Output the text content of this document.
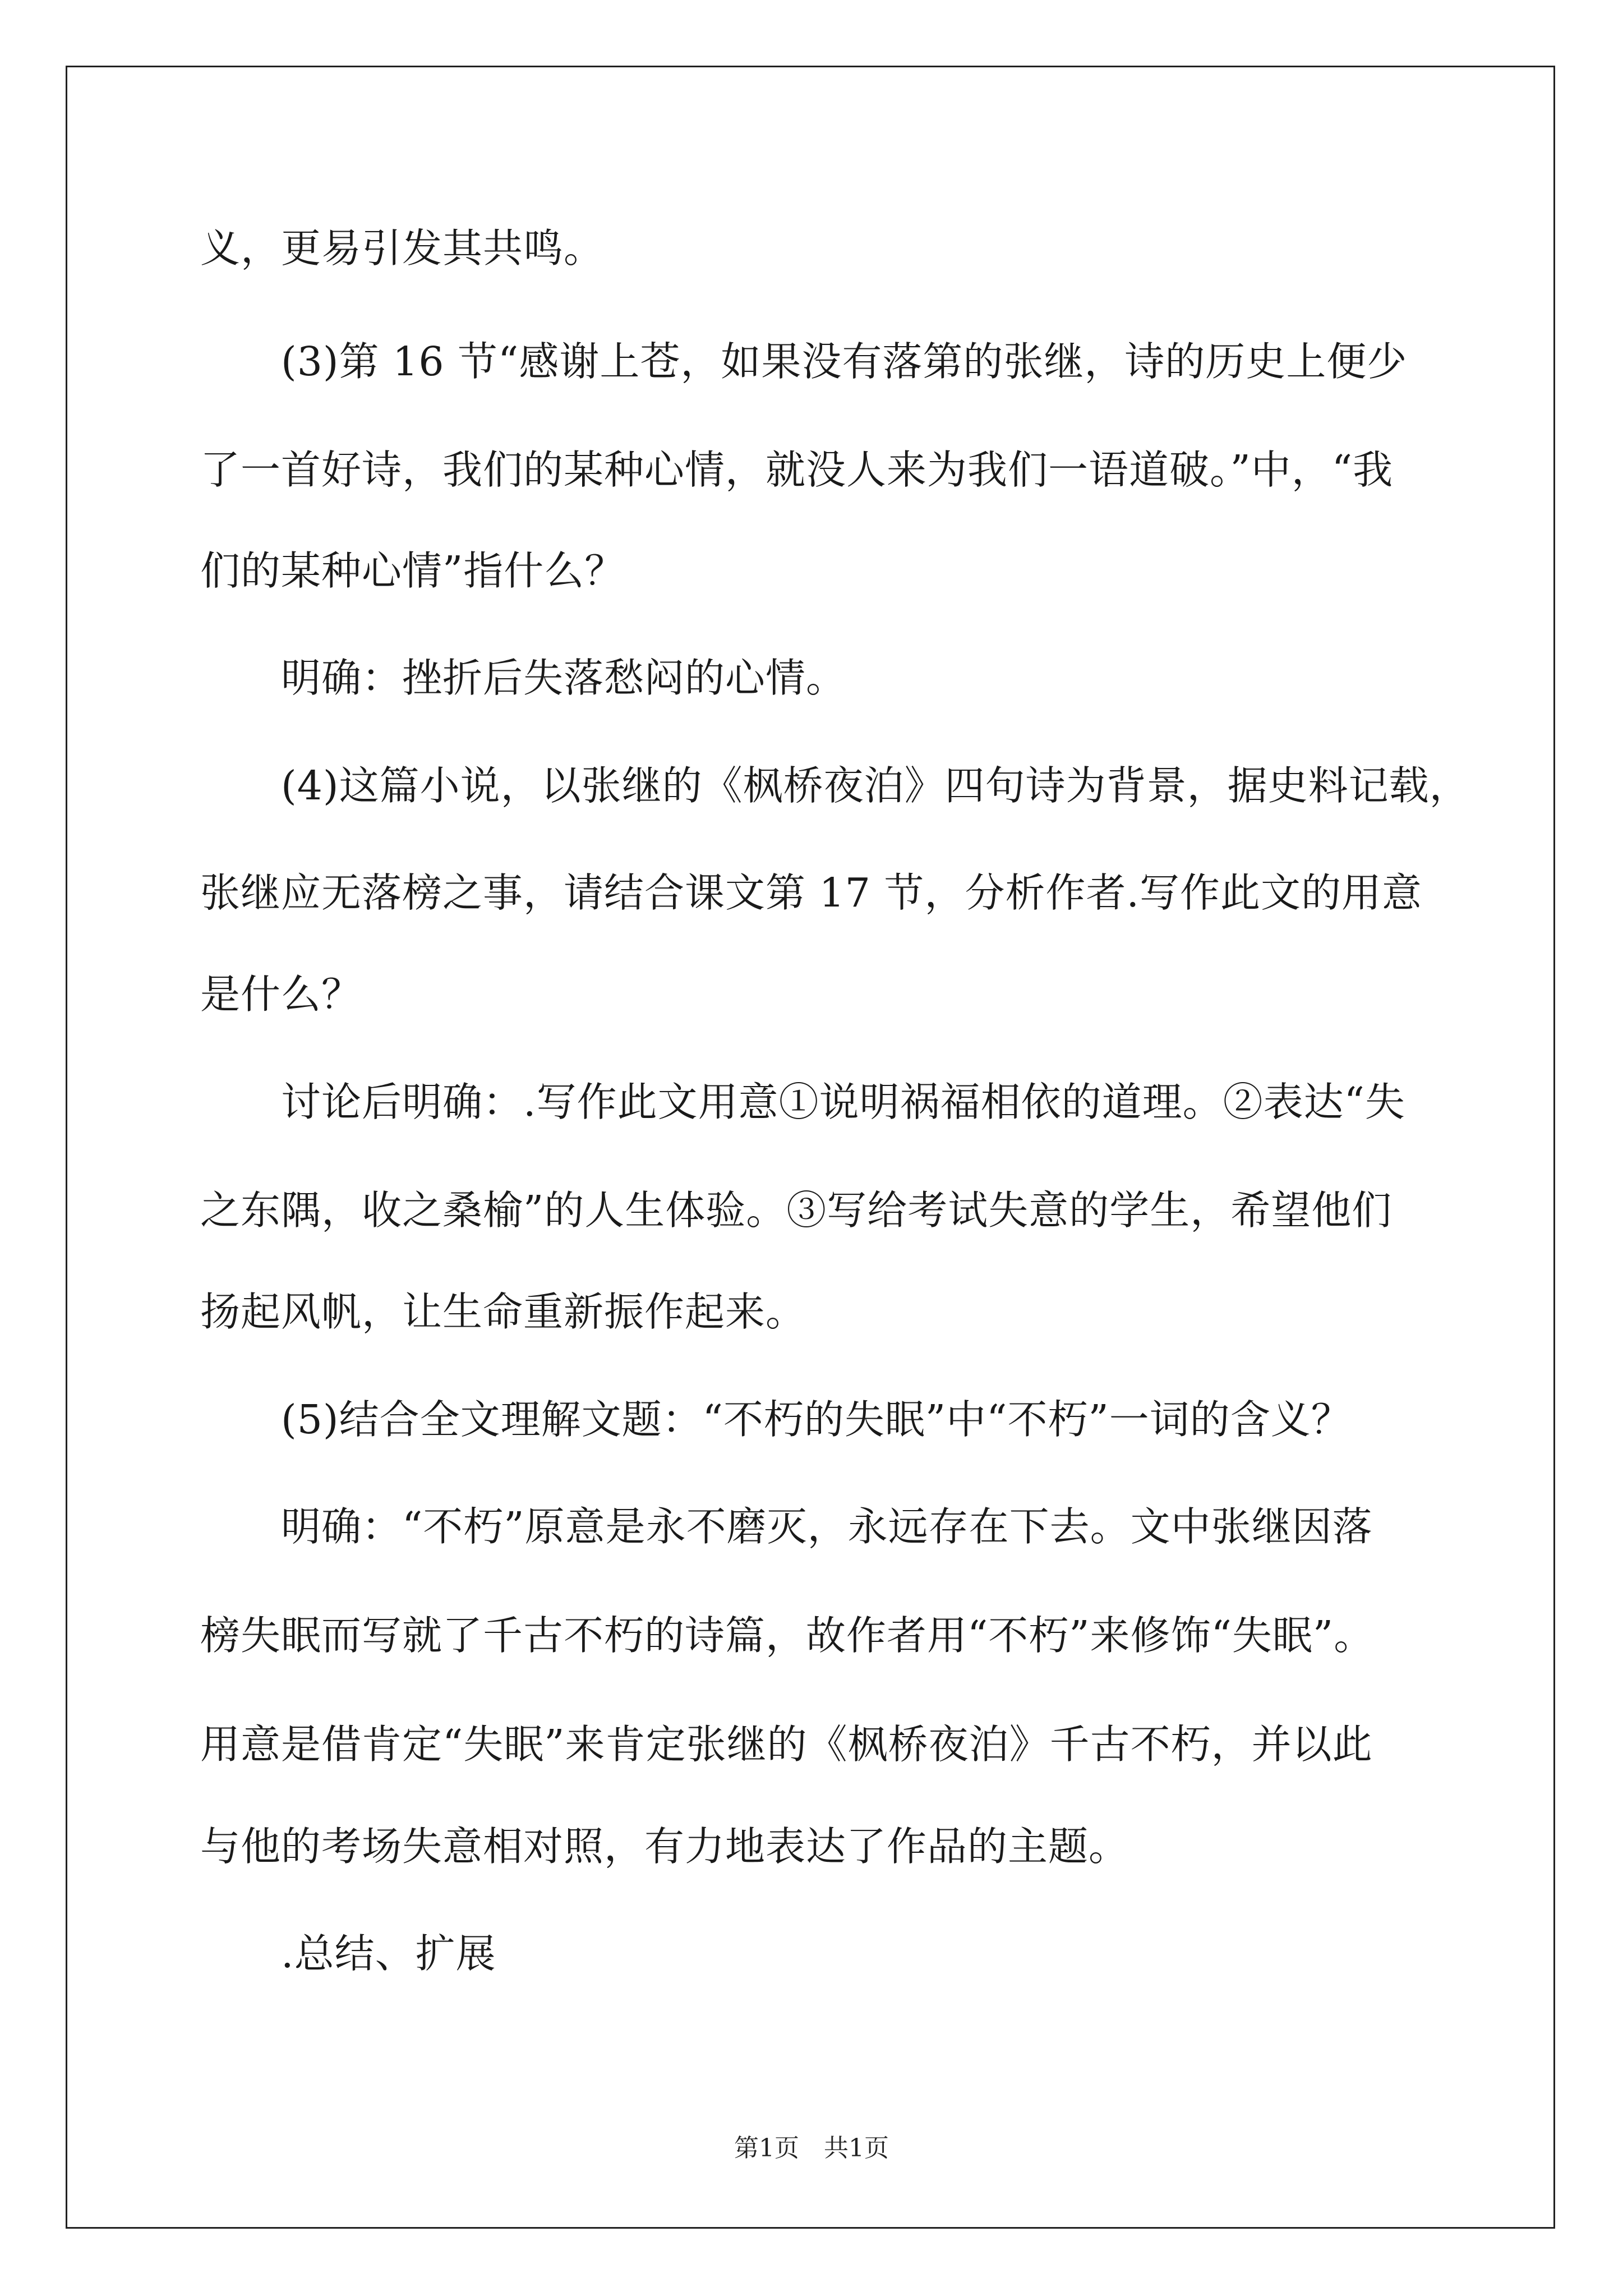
义，更易引发其共鸣。
(3)第 16 节“感谢上苍，如果没有落第的张继，诗的历史上便少
了一首好诗，我们的某种心情，就没人来为我们一语道破。”中，“我
们的某种心情”指什么？
明确：挫折后失落愁闷的心情。
(4)这篇小说，以张继的《枫桥夜泊》四句诗为背景，据史料记载，
张继应无落榜之事，请结合课文第 17 节，分析作者.写作此文的用意
是什么？
讨论后明确：.写作此文用意①说明祸福相依的道理。②表达“失
之东隅，收之桑榆”的人生体验。③写给考试失意的学生，希望他们
扬起风帆，让生命重新振作起来。
(5)结合全文理解文题：“不朽的失眠”中“不朽”一词的含义？
明确：“不朽”原意是永不磨灭，永远存在下去。文中张继因落
榜失眠而写就了千古不朽的诗篇，故作者用“不朽”来修饰“失眠”。
用意是借肯定“失眠”来肯定张继的《枫桥夜泊》千古不朽，并以此
与他的考场失意相对照，有力地表达了作品的主题。
.总结、扩展
第1页　共1页
